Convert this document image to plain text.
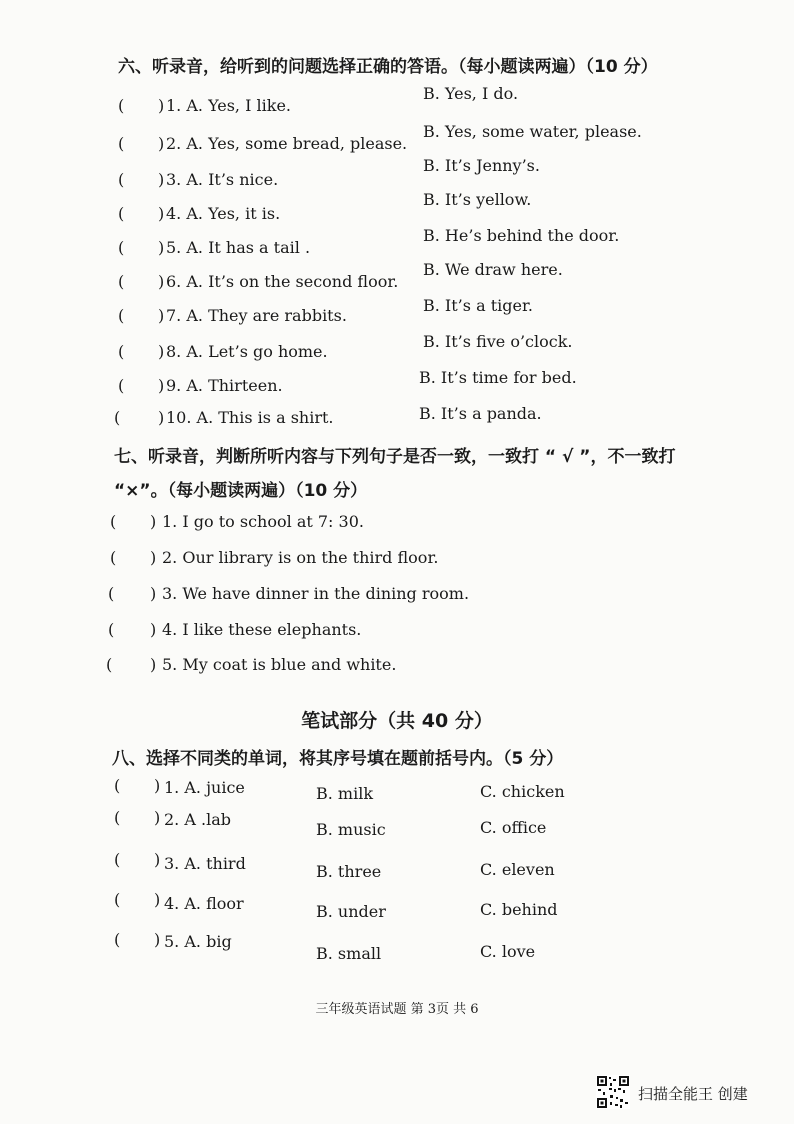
六、听录音，给听到的问题选择正确的答语。（每小题读两遍）（10 分）
( ) 1. A. Yes, I like.
B. Yes, I do.
( ) 2. A. Yes, some bread, please.
B. Yes, some water, please.
( ) 3. A. It’s nice.
B. It’s Jenny’s.
( ) 4. A. Yes, it is.
B. It’s yellow.
( ) 5. A. It has a tail .
B. He’s behind the door.
( ) 6. A. It’s on the second floor.
B. We draw here.
( ) 7. A. They are rabbits.
B. It’s a tiger.
( ) 8. A. Let’s go home.
B. It’s five o’clock.
( ) 9. A. Thirteen.	B. It’s time for bed.
( ) 10. A. This is a shirt.	B. It’s a panda.
七、听录音，判断所听内容与下列句子是否一致，一致打 “ √ ”，不一致打
“×”。（每小题读两遍）（10 分）
( ) 1. I go to school at 7: 30.
( ) 2. Our library is on the third floor.
( ) 3. We have dinner in the dining room.
( ) 4. I like these elephants.
( ) 5. My coat is blue and white.
笔试部分（共 40 分）
八、选择不同类的单词，将其序号填在题前括号内。（5 分）
( ) 1. A. juice	B. milk	C. chicken
( ) 2. A .lab
B. music	C. office
( ) 3. A. third	B. three	C. eleven
( ) 4. A. floor	B. under	C. behind
( ) 5. A. big
B. small	C. love
三年级英语试题 第 3页 共 6
扫描全能王 创建
